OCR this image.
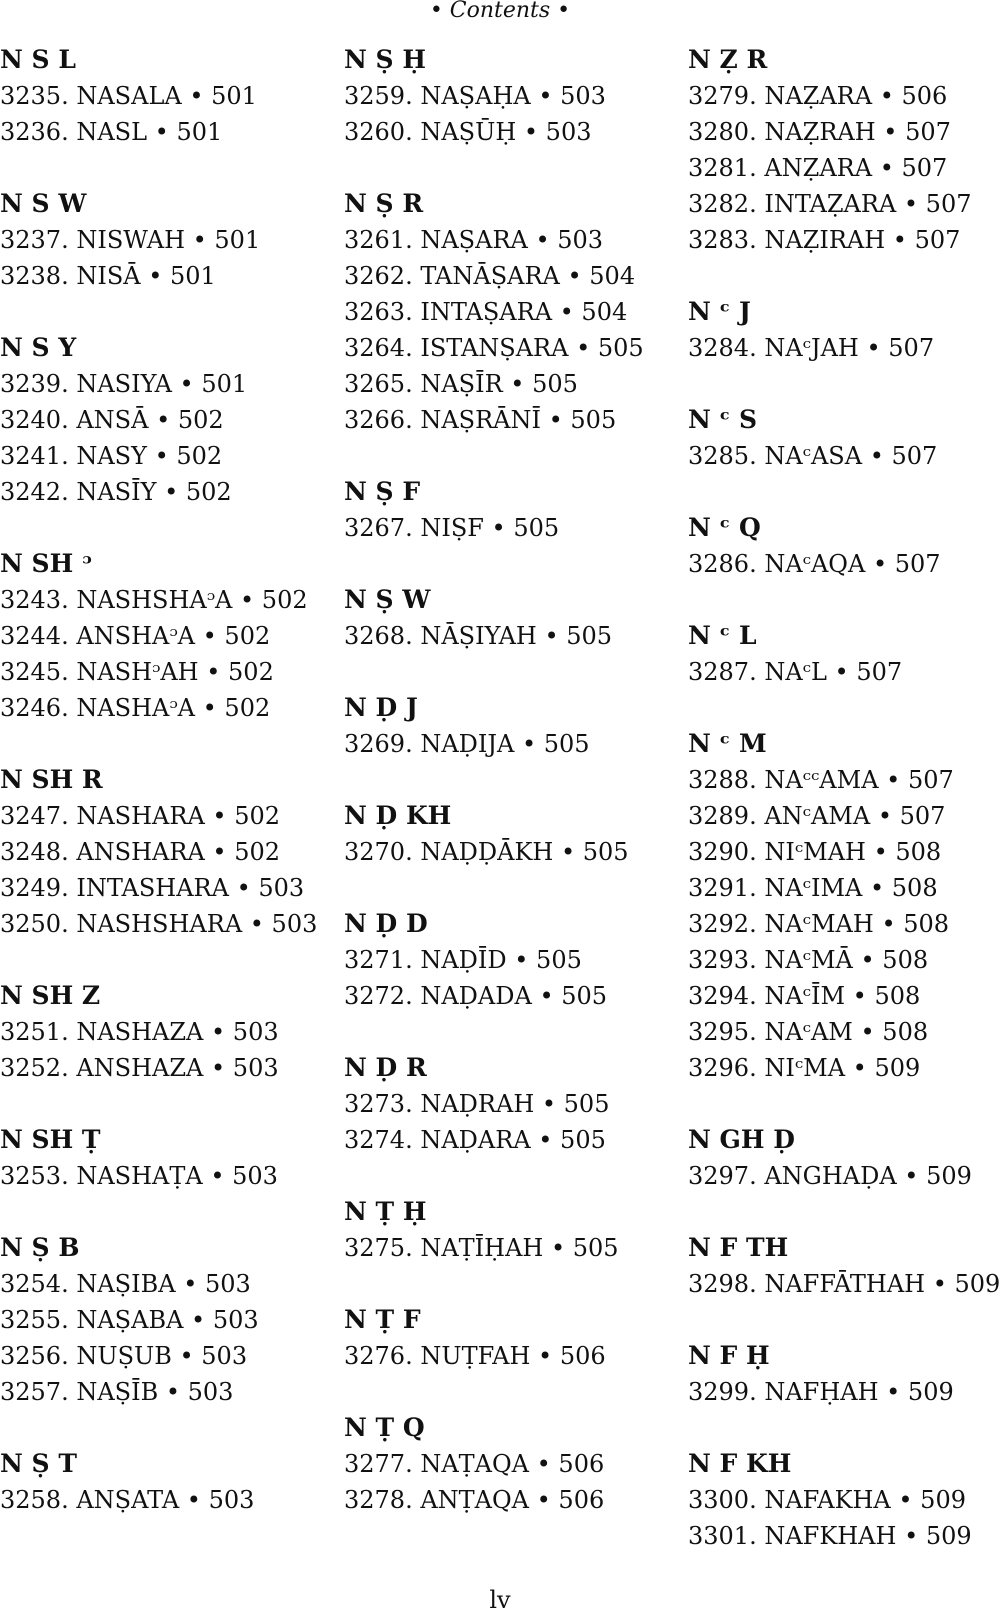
• Contents •
N S L
3235. NASALA • 501
3236. NASL • 501
N S W
3237. NISWAH • 501
3238. NISĀ • 501
N S Y
3239. NASIYA • 501
3240. ANSĀ • 502
3241. NASY • 502
3242. NASĪY • 502
N SH ᵓ
3243. NASHSHAᵓA • 502
3244. ANSHAᵓA • 502
3245. NASHᵓAH • 502
3246. NASHAᵓA • 502
N SH R
3247. NASHARA • 502
3248. ANSHARA • 502
3249. INTASHARA • 503
3250. NASHSHARA • 503
N SH Z
3251. NASHAZA • 503
3252. ANSHAZA • 503
N SH Ṭ
3253. NASHAṬA • 503
N Ṣ B
3254. NAṢIBA • 503
3255. NAṢABA • 503
3256. NUṢUB • 503
3257. NAṢĪB • 503
N Ṣ T
3258. ANṢATA • 503
N Ṣ Ḥ
3259. NAṢAḤA • 503
3260. NAṢŪḤ • 503
N Ṣ R
3261. NAṢARA • 503
3262. TANĀṢARA • 504
3263. INTAṢARA • 504
3264. ISTANṢARA • 505
3265. NAṢĪR • 505
3266. NAṢRĀNĪ • 505
N Ṣ F
3267. NIṢF • 505
N Ṣ W
3268. NĀṢIYAH • 505
N Ḍ J
3269. NAḌIJA • 505
N Ḍ KH
3270. NAḌḌĀKH • 505
N Ḍ D
3271. NAḌĪD • 505
3272. NAḌADA • 505
N Ḍ R
3273. NAḌRAH • 505
3274. NAḌARA • 505
N Ṭ Ḥ
3275. NAṬĪḤAH • 505
N Ṭ F
3276. NUṬFAH • 506
N Ṭ Q
3277. NAṬAQA • 506
3278. ANṬAQA • 506
N Ẓ R
3279. NAẒARA • 506
3280. NAẒRAH • 507
3281. ANẒARA • 507
3282. INTAẒARA • 507
3283. NAẒIRAH • 507
N ᶜ J
3284. NAᶜJAH • 507
N ᶜ S
3285. NAᶜASA • 507
N ᶜ Q
3286. NAᶜAQA • 507
N ᶜ L
3287. NAᶜL • 507
N ᶜ M
3288. NAᶜᶜAMA • 507
3289. ANᶜAMA • 507
3290. NIᶜMAH • 508
3291. NAᶜIMA • 508
3292. NAᶜMAH • 508
3293. NAᶜMĀ • 508
3294. NAᶜĪM • 508
3295. NAᶜAM • 508
3296. NIᶜMA • 509
N GH Ḍ
3297. ANGHAḌA • 509
N F TH
3298. NAFFĀTHAH • 509
N F Ḥ
3299. NAFḤAH • 509
N F KH
3300. NAFAKHA • 509
3301. NAFKHAH • 509
lv
